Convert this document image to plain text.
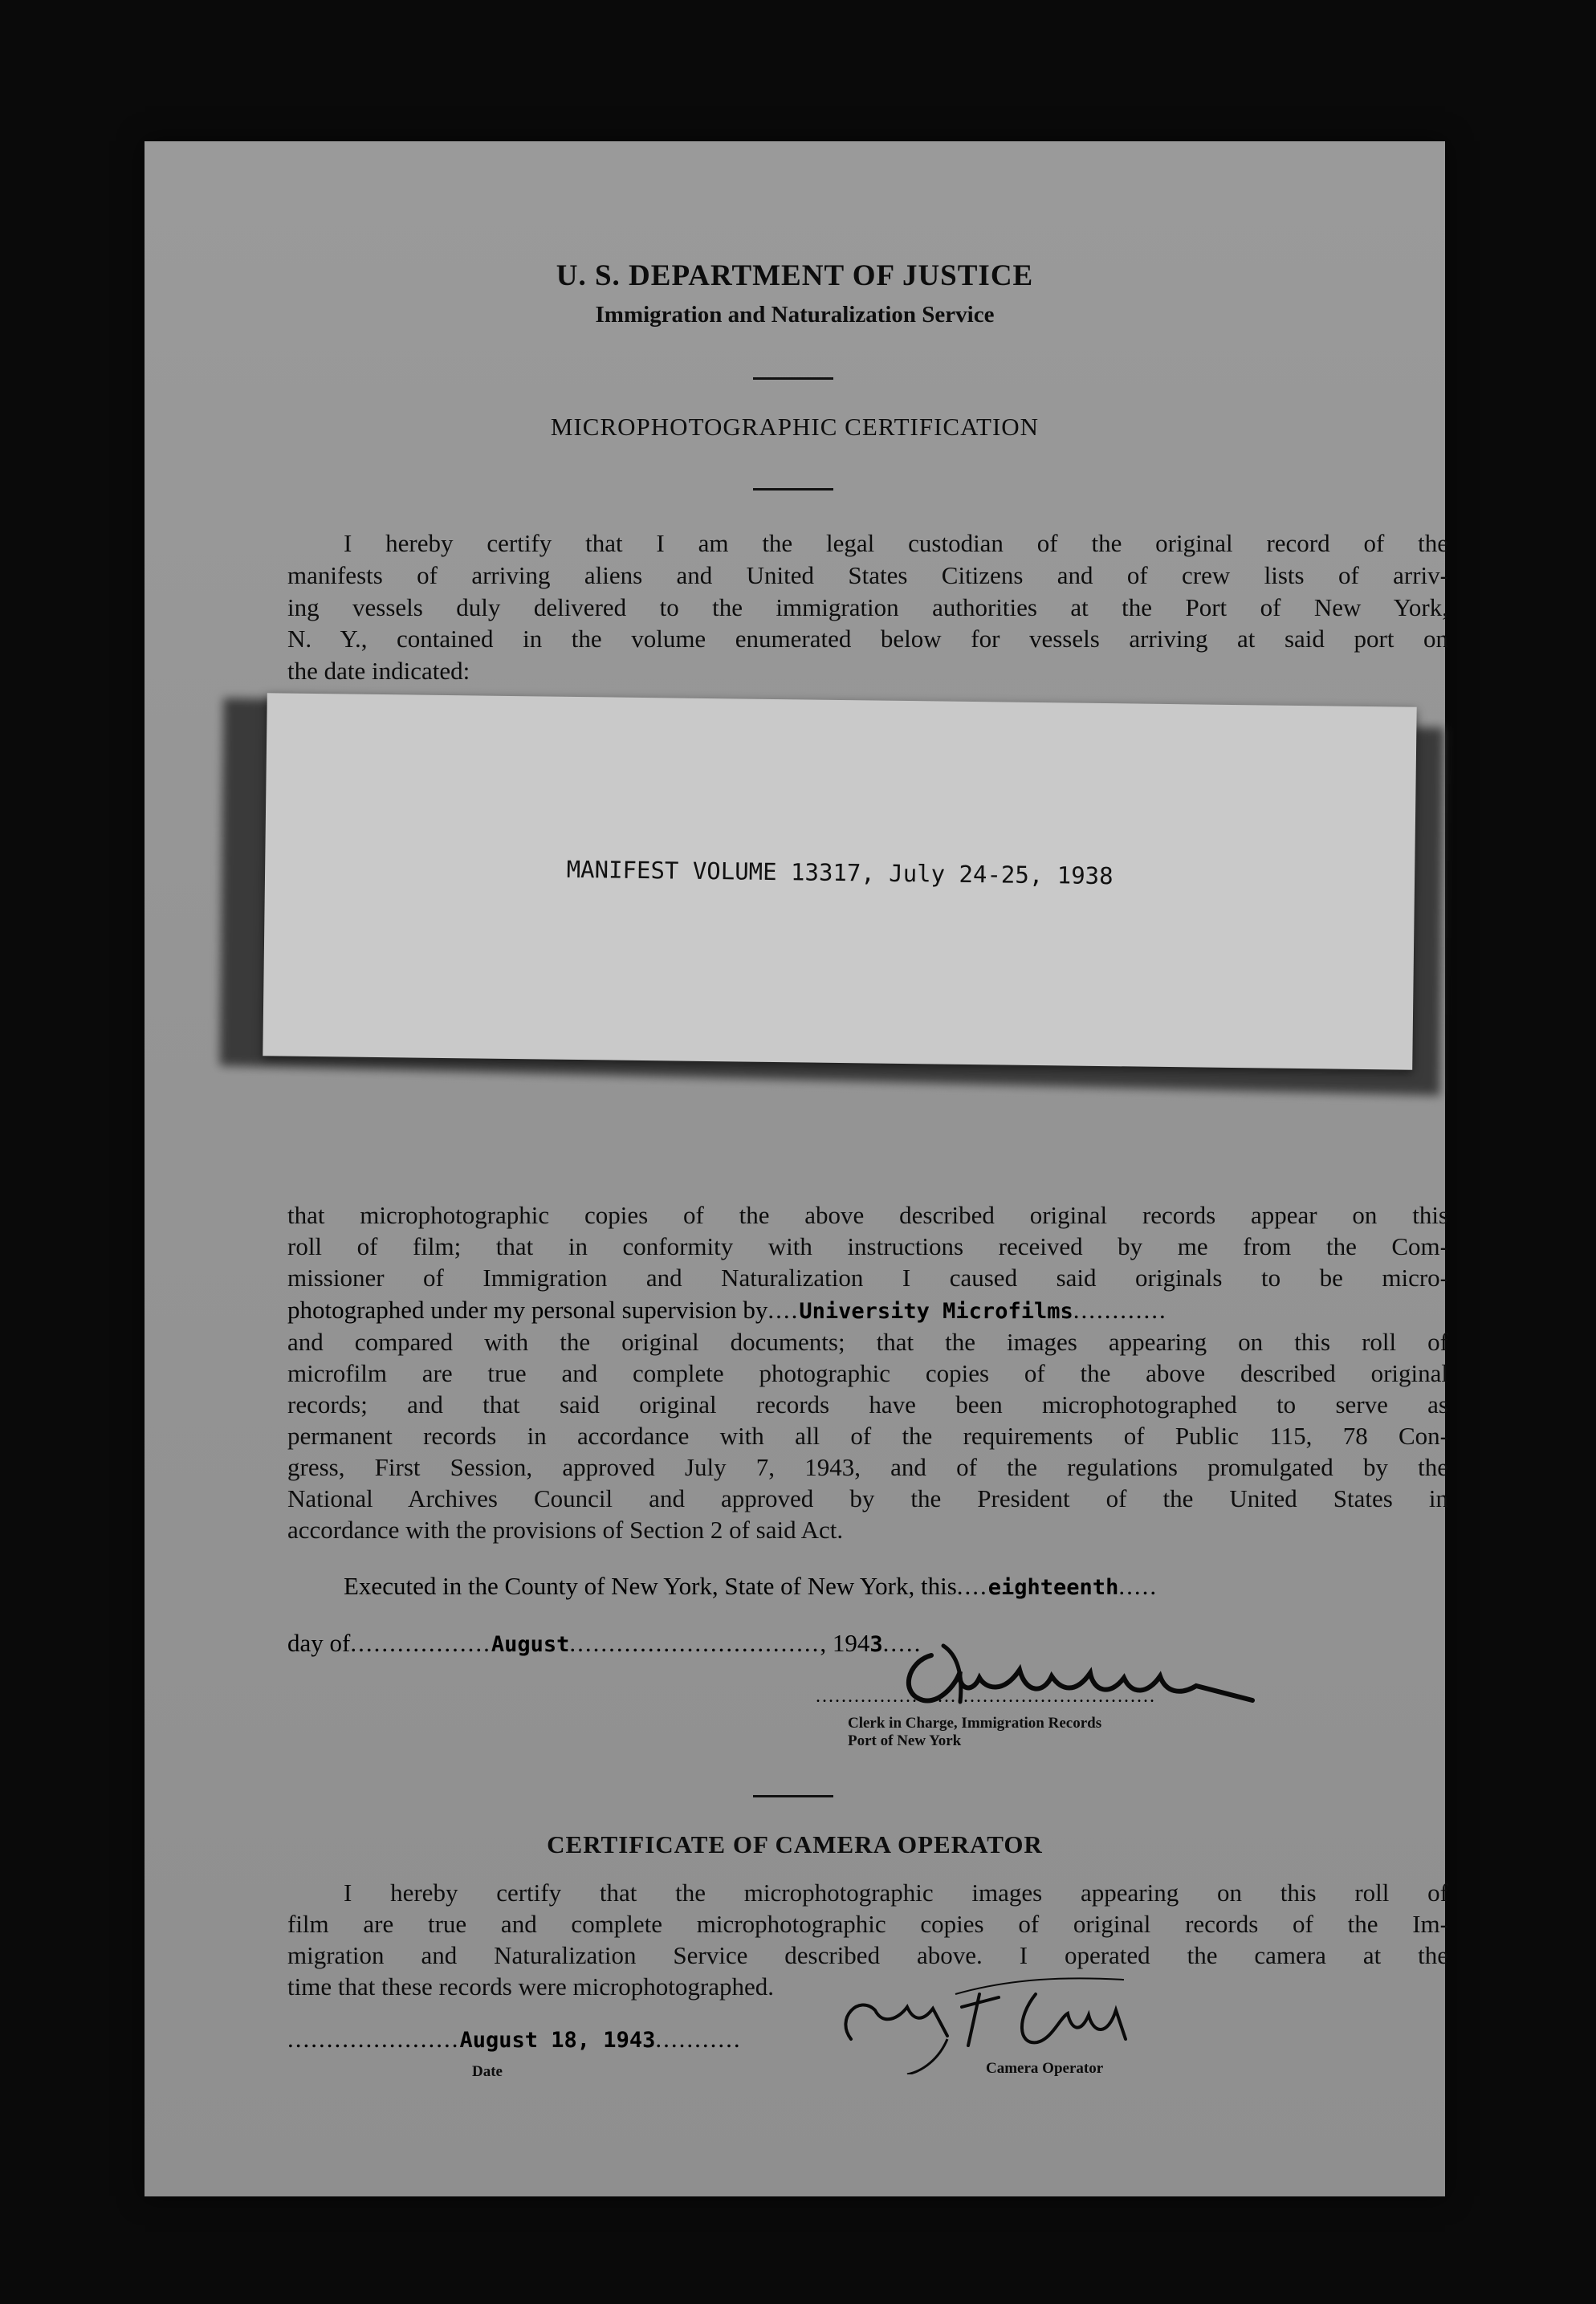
U. S. DEPARTMENT OF JUSTICE
Immigration and Naturalization Service
MICROPHOTOGRAPHIC CERTIFICATION
I hereby certify that I am the legal custodian of the original record of the
manifests of arriving aliens and United States Citizens and of crew lists of arriv-
ing vessels duly delivered to the immigration authorities at the Port of New York,
N. Y., contained in the volume enumerated below for vessels arriving at said port on
the date indicated:
MANIFEST VOLUME 13317, July 24-25, 1938
that microphotographic copies of the above described original records appear on this
roll of film; that in conformity with instructions received by me from the Com-
missioner of Immigration and Naturalization I caused said originals to be micro-
photographed under my personal supervision by....University Microfilms............
and compared with the original documents; that the images appearing on this roll of
microfilm are true and complete photographic copies of the above described original
records; and that said original records have been microphotographed to serve as
permanent records in accordance with all of the requirements of Public 115, 78 Con-
gress, First Session, approved July 7, 1943, and of the regulations promulgated by the
National Archives Council and approved by the President of the United States in
accordance with the provisions of Section 2 of said Act.
Executed in the County of New York, State of New York, this....eighteenth.....
day of..................August................................, 1943.....
.....................................................
Clerk in Charge, Immigration Records
Port of New York
CERTIFICATE OF CAMERA OPERATOR
I hereby certify that the microphotographic images appearing on this roll of
film are true and complete microphotographic copies of original records of the Im-
migration and Naturalization Service described above. I operated the camera at the
time that these records were microphotographed.
......................August 18, 1943...........
Date	Camera Operator
